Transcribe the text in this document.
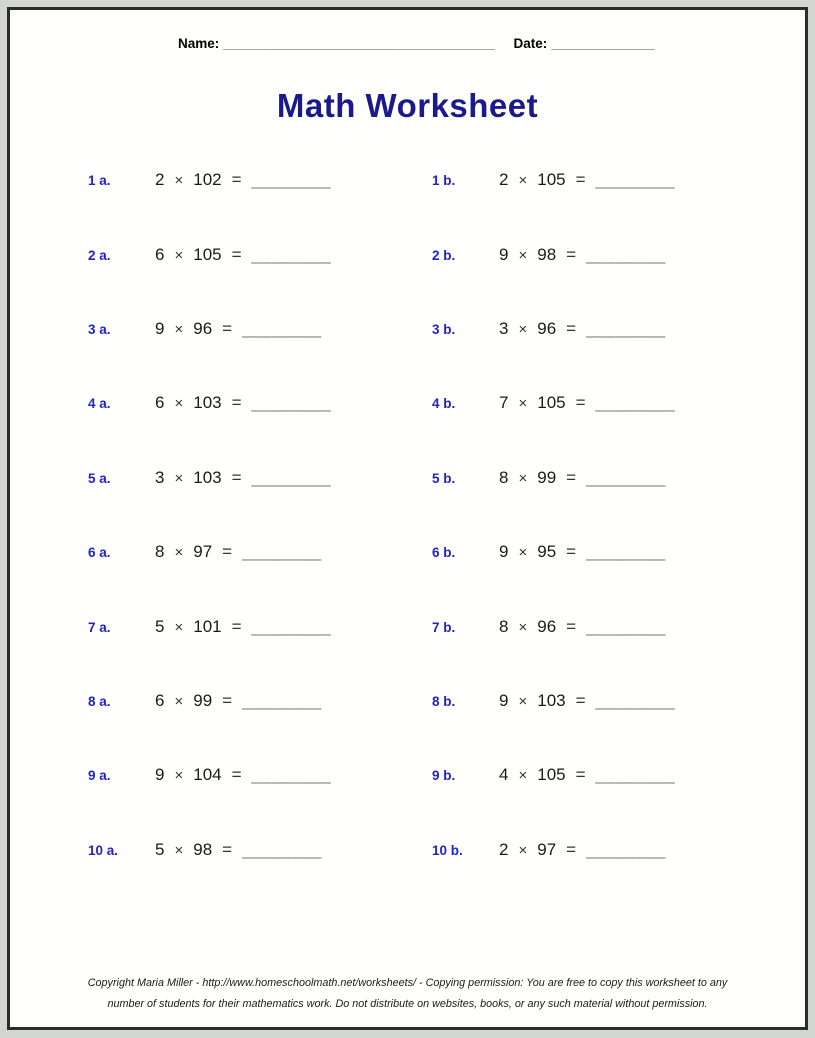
Name: __________________________________ Date: _____________
Math Worksheet
1 a.	2 × 102 = ________	1 b.	2 × 105 = ________
2 a.	6 × 105 = ________	2 b.	9 × 98 = ________
3 a.	9 × 96 = ________	3 b.	3 × 96 = ________
4 a.	6 × 103 = ________	4 b.	7 × 105 = ________
5 a.	3 × 103 = ________	5 b.	8 × 99 = ________
6 a.	8 × 97 = ________	6 b.	9 × 95 = ________
7 a.	5 × 101 = ________	7 b.	8 × 96 = ________
8 a.	6 × 99 = ________	8 b.	9 × 103 = ________
9 a.	9 × 104 = ________	9 b.	4 × 105 = ________
10 a.	5 × 98 = ________	10 b.	2 × 97 = ________
Copyright Maria Miller - http://www.homeschoolmath.net/worksheets/ - Copying permission: You are free to copy this worksheet to any
number of students for their mathematics work. Do not distribute on websites, books, or any such material without permission.
